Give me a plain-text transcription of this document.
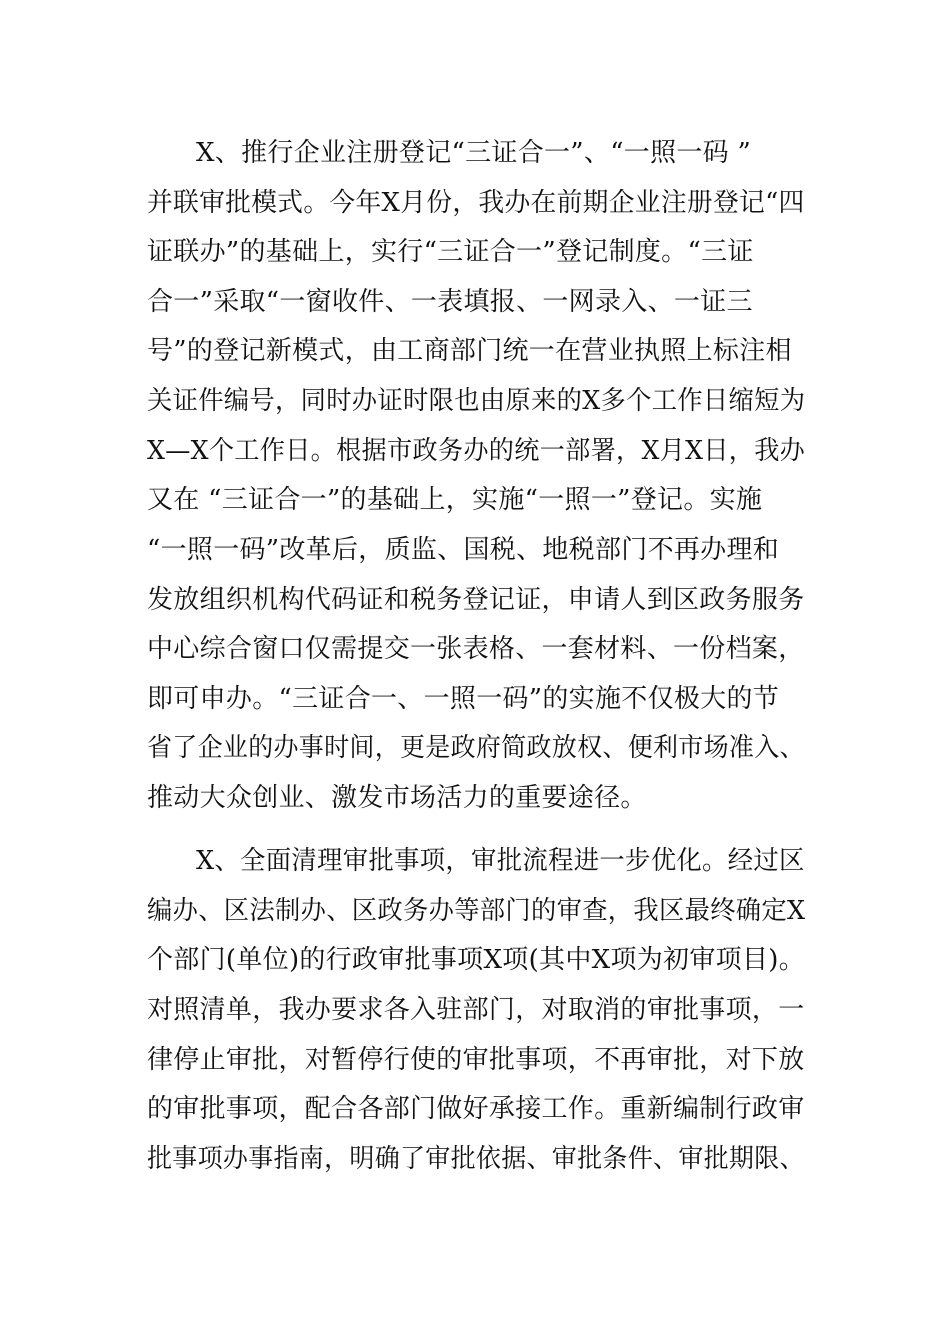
X、推行企业注册登记“三证合一”、“一照一码 ”
并联审批模式。今年X月份，我办在前期企业注册登记“四
证联办”的基础上，实行“三证合一”登记制度。“三证
合一”采取“一窗收件、一表填报、一网录入、一证三
号”的登记新模式，由工商部门统一在营业执照上标注相
关证件编号，同时办证时限也由原来的X多个工作日缩短为
X—X个工作日。根据市政务办的统一部署，X月X日，我办
又在 “三证合一”的基础上，实施“一照一”登记。实施
“一照一码”改革后，质监、国税、地税部门不再办理和
发放组织机构代码证和税务登记证，申请人到区政务服务
中心综合窗口仅需提交一张表格、一套材料、一份档案，
即可申办。“三证合一、一照一码”的实施不仅极大的节
省了企业的办事时间，更是政府简政放权、便利市场准入、
推动大众创业、激发市场活力的重要途径。
X、全面清理审批事项，审批流程进一步优化。经过区
编办、区法制办、区政务办等部门的审查，我区最终确定X
个部门(单位)的行政审批事项X项(其中X项为初审项目)。
对照清单，我办要求各入驻部门，对取消的审批事项，一
律停止审批，对暂停行使的审批事项，不再审批，对下放
的审批事项，配合各部门做好承接工作。重新编制行政审
批事项办事指南，明确了审批依据、审批条件、审批期限、
